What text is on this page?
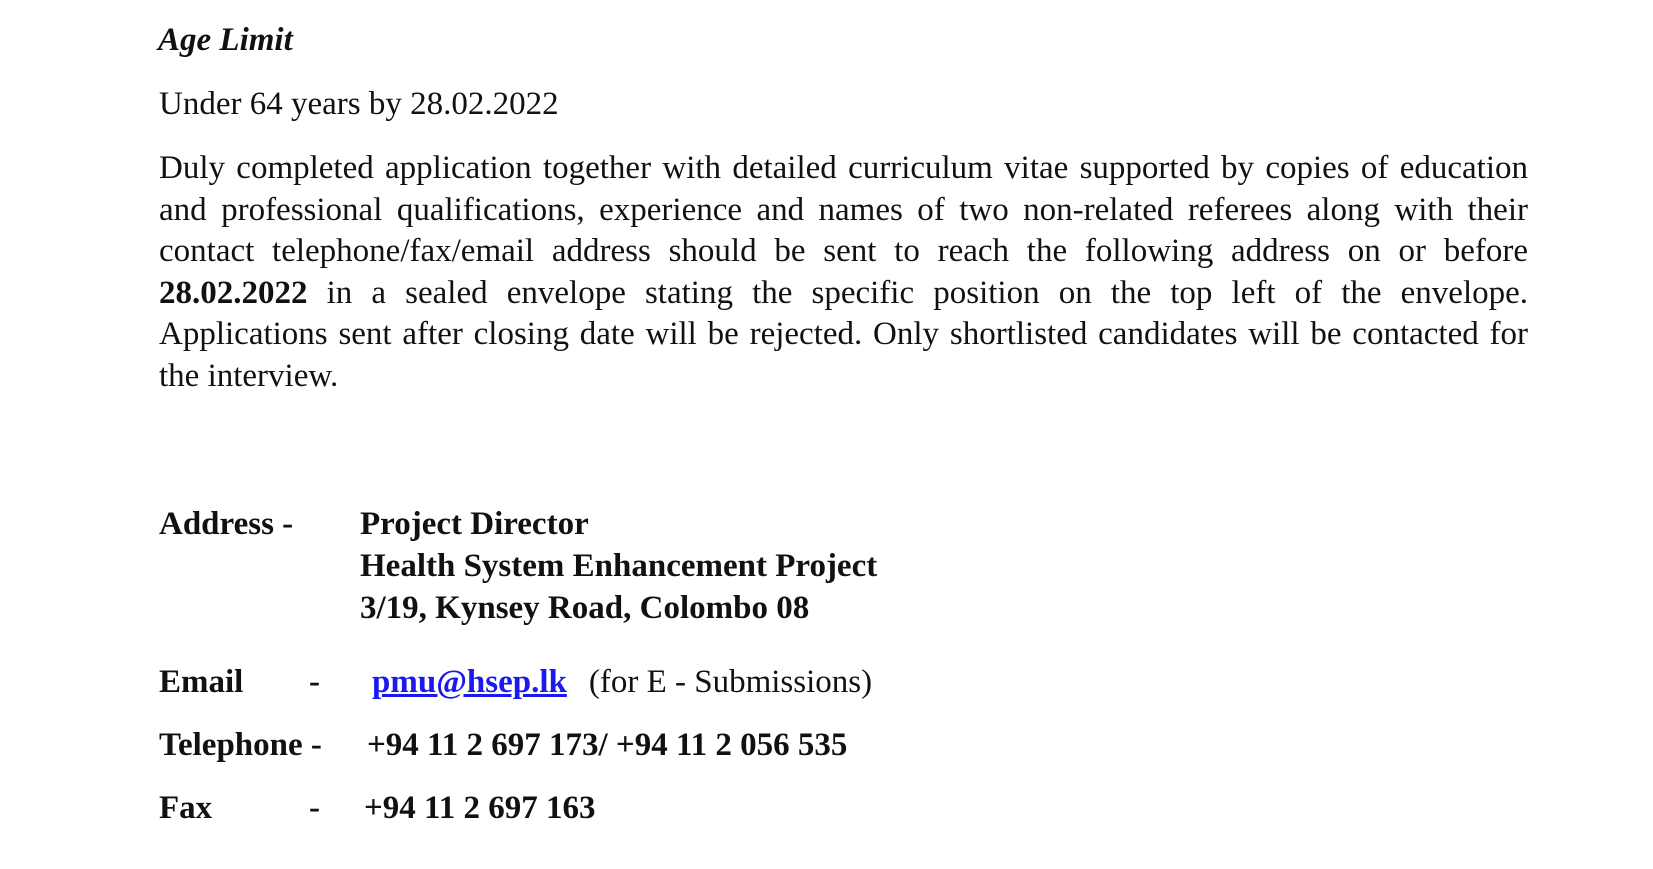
Age Limit
Under 64 years by 28.02.2022

Duly completed application together with detailed curriculum vitae supported by copies of education and professional qualifications, experience and names of two non-related referees along with their contact telephone/fax/email address should be sent to reach the following address on or before 28.02.2022 in a sealed envelope stating the specific position on the top left of the envelope. Applications sent after closing date will be rejected. Only shortlisted candidates will be contacted for the interview.

Address - Project Director
Health System Enhancement Project
3/19, Kynsey Road, Colombo 08
Email - pmu@hsep.lk (for E - Submissions)
Telephone - +94 11 2 697 173/ +94 11 2 056 535
Fax	- +94 11 2 697 163
